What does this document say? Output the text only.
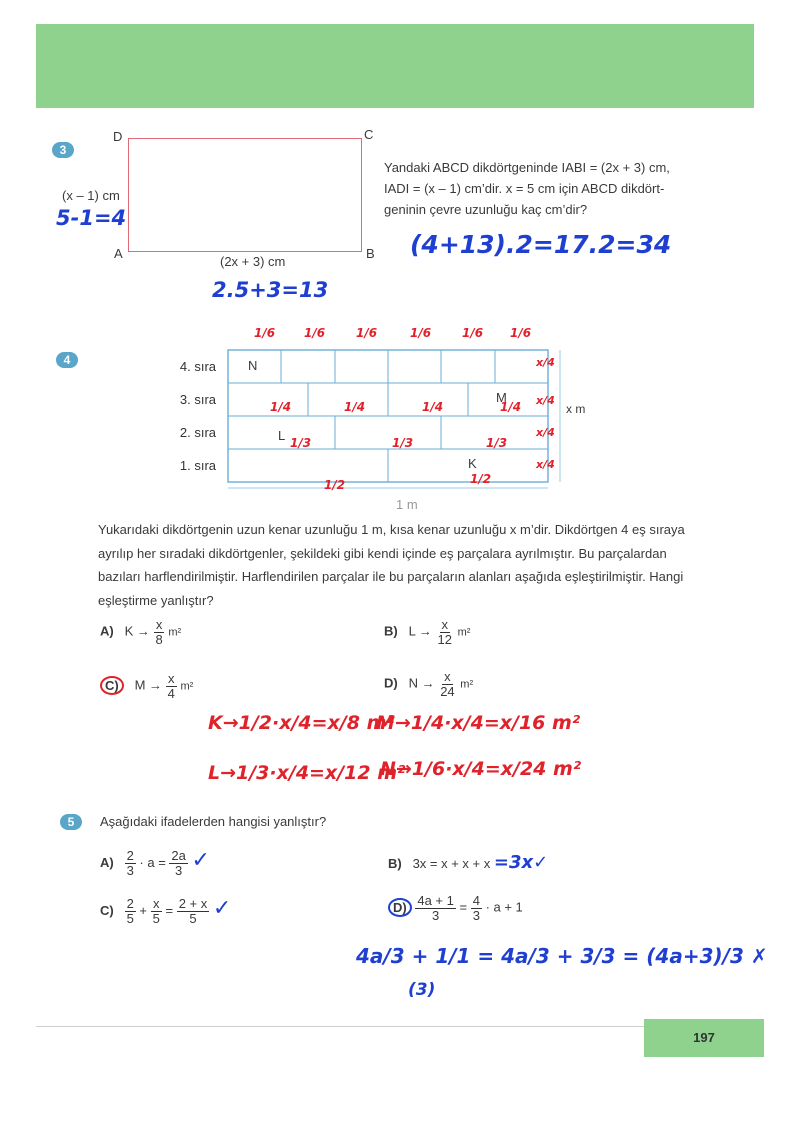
3
D	C
A	B
(x – 1) cm
(2x + 3) cm
5-1=4
2.5+3=13
Yandaki ABCD dikdörtgeninde IABI = (2x + 3) cm,
IADI = (x – 1) cm’dir. x = 5 cm için ABCD dikdört-
geninin çevre uzunluğu kaç cm’dir?
(4+13).2=17.2=34
4	4. sıra
3. sıra
2. sıra
1. sıra
N
M
L
K
1 m
x m
1/6 1/6	1/6	1/6	1/6 1/6
1/4	1/4	1/4	1/4
1/3	1/3	1/3
1/2	1/2
x/4
x/4
x/4
x/4
Yukarıdaki dikdörtgenin uzun kenar uzunluğu 1 m, kısa kenar uzunluğu x m’dir. Dikdörtgen 4 eş sıraya ayrılıp her sıradaki dikdörtgenler, şekildeki gibi kendi içinde eş parçalara ayrılmıştır. Bu parçalardan bazıları harflendirilmiştir. Harflendirilen parçalar ile bu parçaların alanları aşağıda eşleştirilmiştir. Hangi eşleştirme yanlıştır?
A) $K \to \frac{x}{8} m^2$	B) $L \to \frac{x}{12} m^2$
C) $M \to \frac{x}{4} m^2$	D) $N \to \frac{x}{24} m^2$
K→1/2·x/4=x/8 m²
M→1/4·x/4=x/16 m²
L→1/3·x/4=x/12 m²
N→1/6·x/4=x/24 m²
5	Aşağıdaki ifadelerden hangisi yanlıştır?
$A) \frac{2}{3} \cdot a = \frac{2a}{3}$ ✓	B) 3x = x + x + x =3x✓
$C) \frac{2}{5} + \frac{x}{5} = \frac{2 + x}{5}$ ✓	$D) \frac{4a + 1}{3} = \frac{4}{3} \cdot a + 1$
4a/3 + 1/1 = 4a/3 + 3/3 = (4a+3)/3 ✗
(3)
197
